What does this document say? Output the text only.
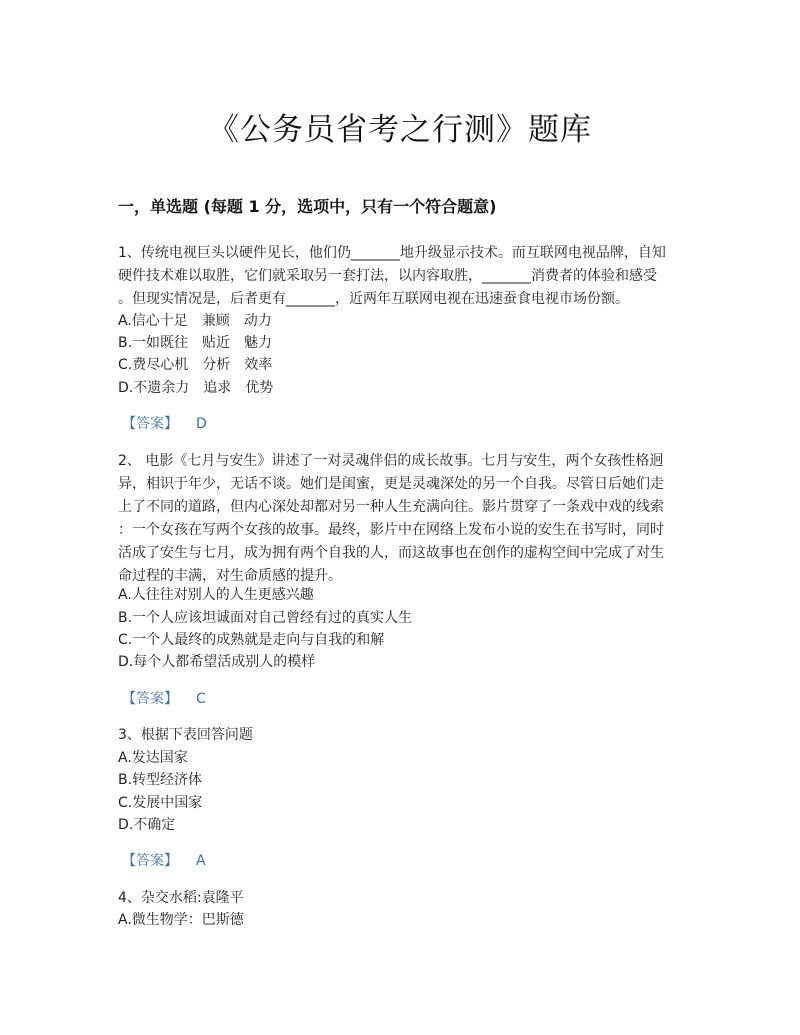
《公务员省考之行测》题库
一，单选题 (每题 1 分，选项中，只有一个符合题意)
1、传统电视巨头以硬件见长，他们仍_______地升级显示技术。而互联网电视品牌，自知
硬件技术难以取胜，它们就采取另一套打法，以内容取胜，_______消费者的体验和感受
。但现实情况是，后者更有_______，近两年互联网电视在迅速蚕食电视市场份额。
A.信心十足　兼顾　动力
B.一如既往　贴近　魅力
C.费尽心机　分析　效率
D.不遗余力　追求　优势
【答案】 D
2、 电影《七月与安生》讲述了一对灵魂伴侣的成长故事。七月与安生，两个女孩性格迥
异，相识于年少，无话不谈。她们是闺蜜，更是灵魂深处的另一个自我。尽管日后她们走
上了不同的道路，但内心深处却都对另一种人生充满向往。影片贯穿了一条戏中戏的线索
：一个女孩在写两个女孩的故事。最终，影片中在网络上发布小说的安生在书写时，同时
活成了安生与七月，成为拥有两个自我的人，而这故事也在创作的虚构空间中完成了对生
命过程的丰满，对生命质感的提升。
A.人往往对别人的人生更感兴趣
B.一个人应该坦诚面对自己曾经有过的真实人生
C.一个人最终的成熟就是走向与自我的和解
D.每个人都希望活成别人的模样
【答案】 C
3、根据下表回答问题
A.发达国家
B.转型经济体
C.发展中国家
D.不确定
【答案】 A
4、杂交水稻:袁隆平
A.微生物学：巴斯德
